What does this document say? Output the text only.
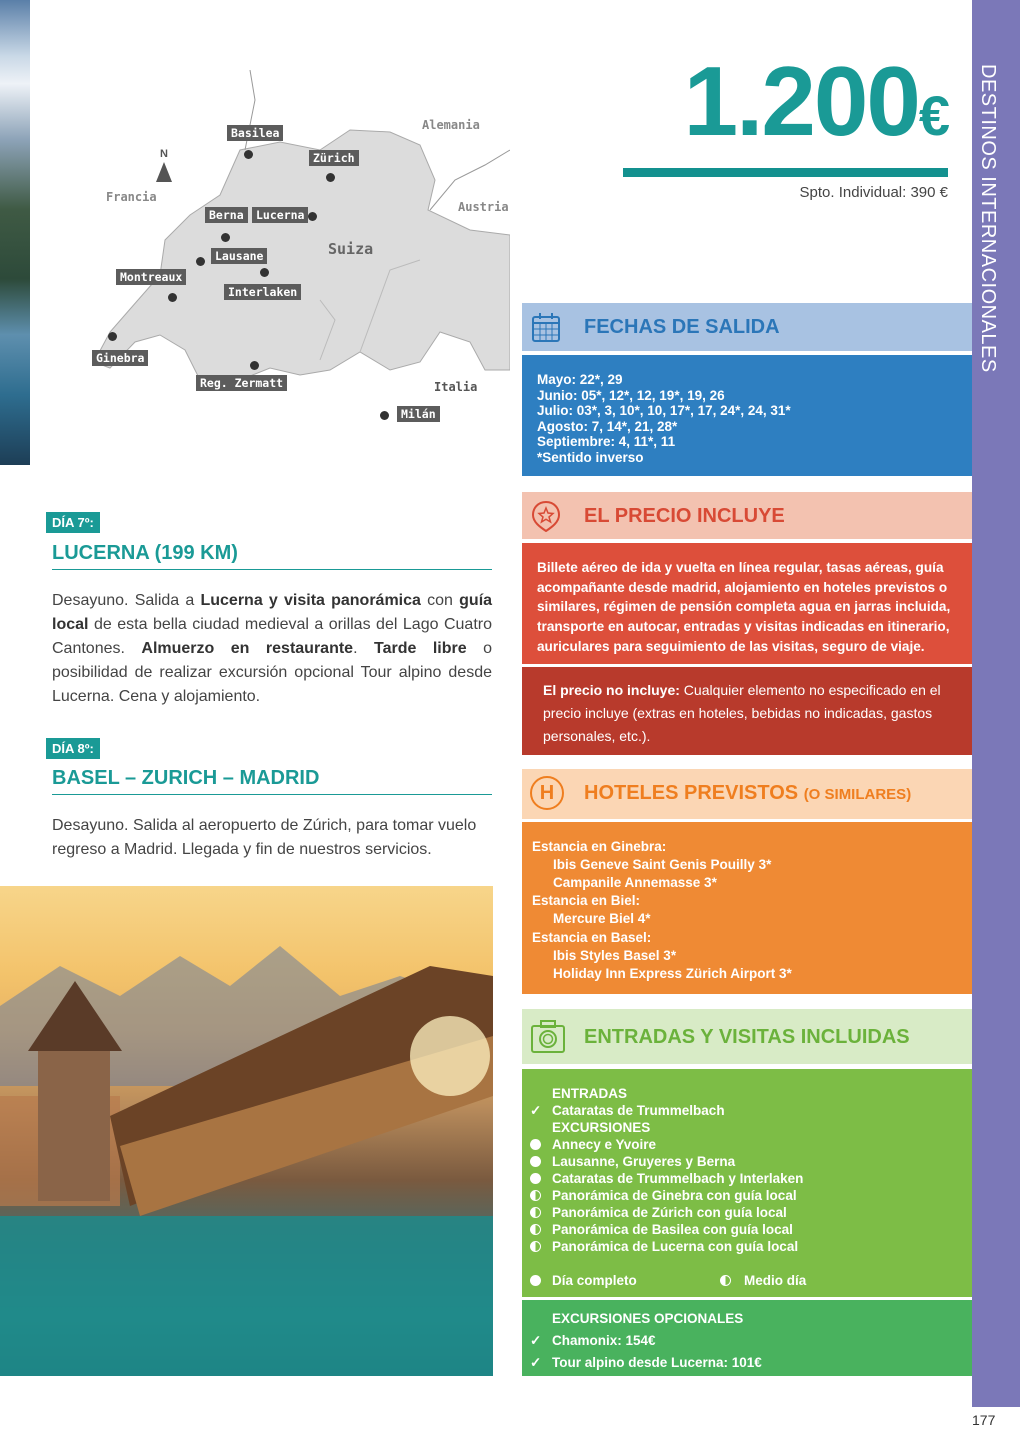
N
Francia
Alemania
Austria
Suiza
Italia
Basilea
Zürich
Berna	Lucerna
Lausane
Montreaux
Interlaken
Ginebra
Reg. Zermatt
Milán
1.200€
Spto. Individual: 390 € DESTINOS INTERNACIONALES
177
DÍA 7º:
LUCERNA (199 KM)
Desayuno. Salida a Lucerna y visita panorámica con guía local de esta bella ciudad medieval a orillas del Lago Cuatro Cantones. Almuerzo en restaurante. Tarde libre o posibilidad de realizar excursión opcional Tour alpino desde Lucerna. Cena y alojamiento.
DÍA 8º:
BASEL – ZURICH – MADRID
Desayuno. Salida al aeropuerto de Zúrich, para tomar vuelo regreso a Madrid. Llegada y fin de nuestros servicios.
FECHAS DE SALIDA
Mayo: 22*, 29
Junio: 05*, 12*, 12, 19*, 19, 26
Julio: 03*, 3, 10*, 10, 17*, 17, 24*, 24, 31*
Agosto: 7, 14*, 21, 28*
Septiembre: 4, 11*, 11
*Sentido inverso
EL PRECIO INCLUYE
Billete aéreo de ida y vuelta en línea regular, tasas aéreas, guía acompañante desde madrid, alojamiento en hoteles previstos o similares, régimen de pensión completa agua en jarras incluida, transporte en autocar, entradas y visitas indicadas en itinerario, auriculares para seguimiento de las visitas, seguro de viaje.
El precio no incluye: Cualquier elemento no especificado en el precio incluye (extras en hoteles, bebidas no indicadas, gastos personales, etc.).
H	HOTELES PREVISTOS (O SIMILARES)
Estancia en Ginebra:
Ibis Geneve Saint Genis Pouilly 3*
Campanile Annemasse 3*
Estancia en Biel:
Mercure Biel 4*
Estancia en Basel:
Ibis Styles Basel 3*
Holiday Inn Express Zürich Airport 3*
ENTRADAS Y VISITAS INCLUIDAS
ENTRADAS
✓ Cataratas de Trummelbach
EXCURSIONES
Annecy e Yvoire
Lausanne, Gruyeres y Berna
Cataratas de Trummelbach y Interlaken
Panorámica de Ginebra con guía local
Panorámica de Zúrich con guía local
Panorámica de Basilea con guía local
Panorámica de Lucerna con guía local
Día completo	Medio día
EXCURSIONES OPCIONALES
✓ Chamonix: 154€
✓ Tour alpino desde Lucerna: 101€
